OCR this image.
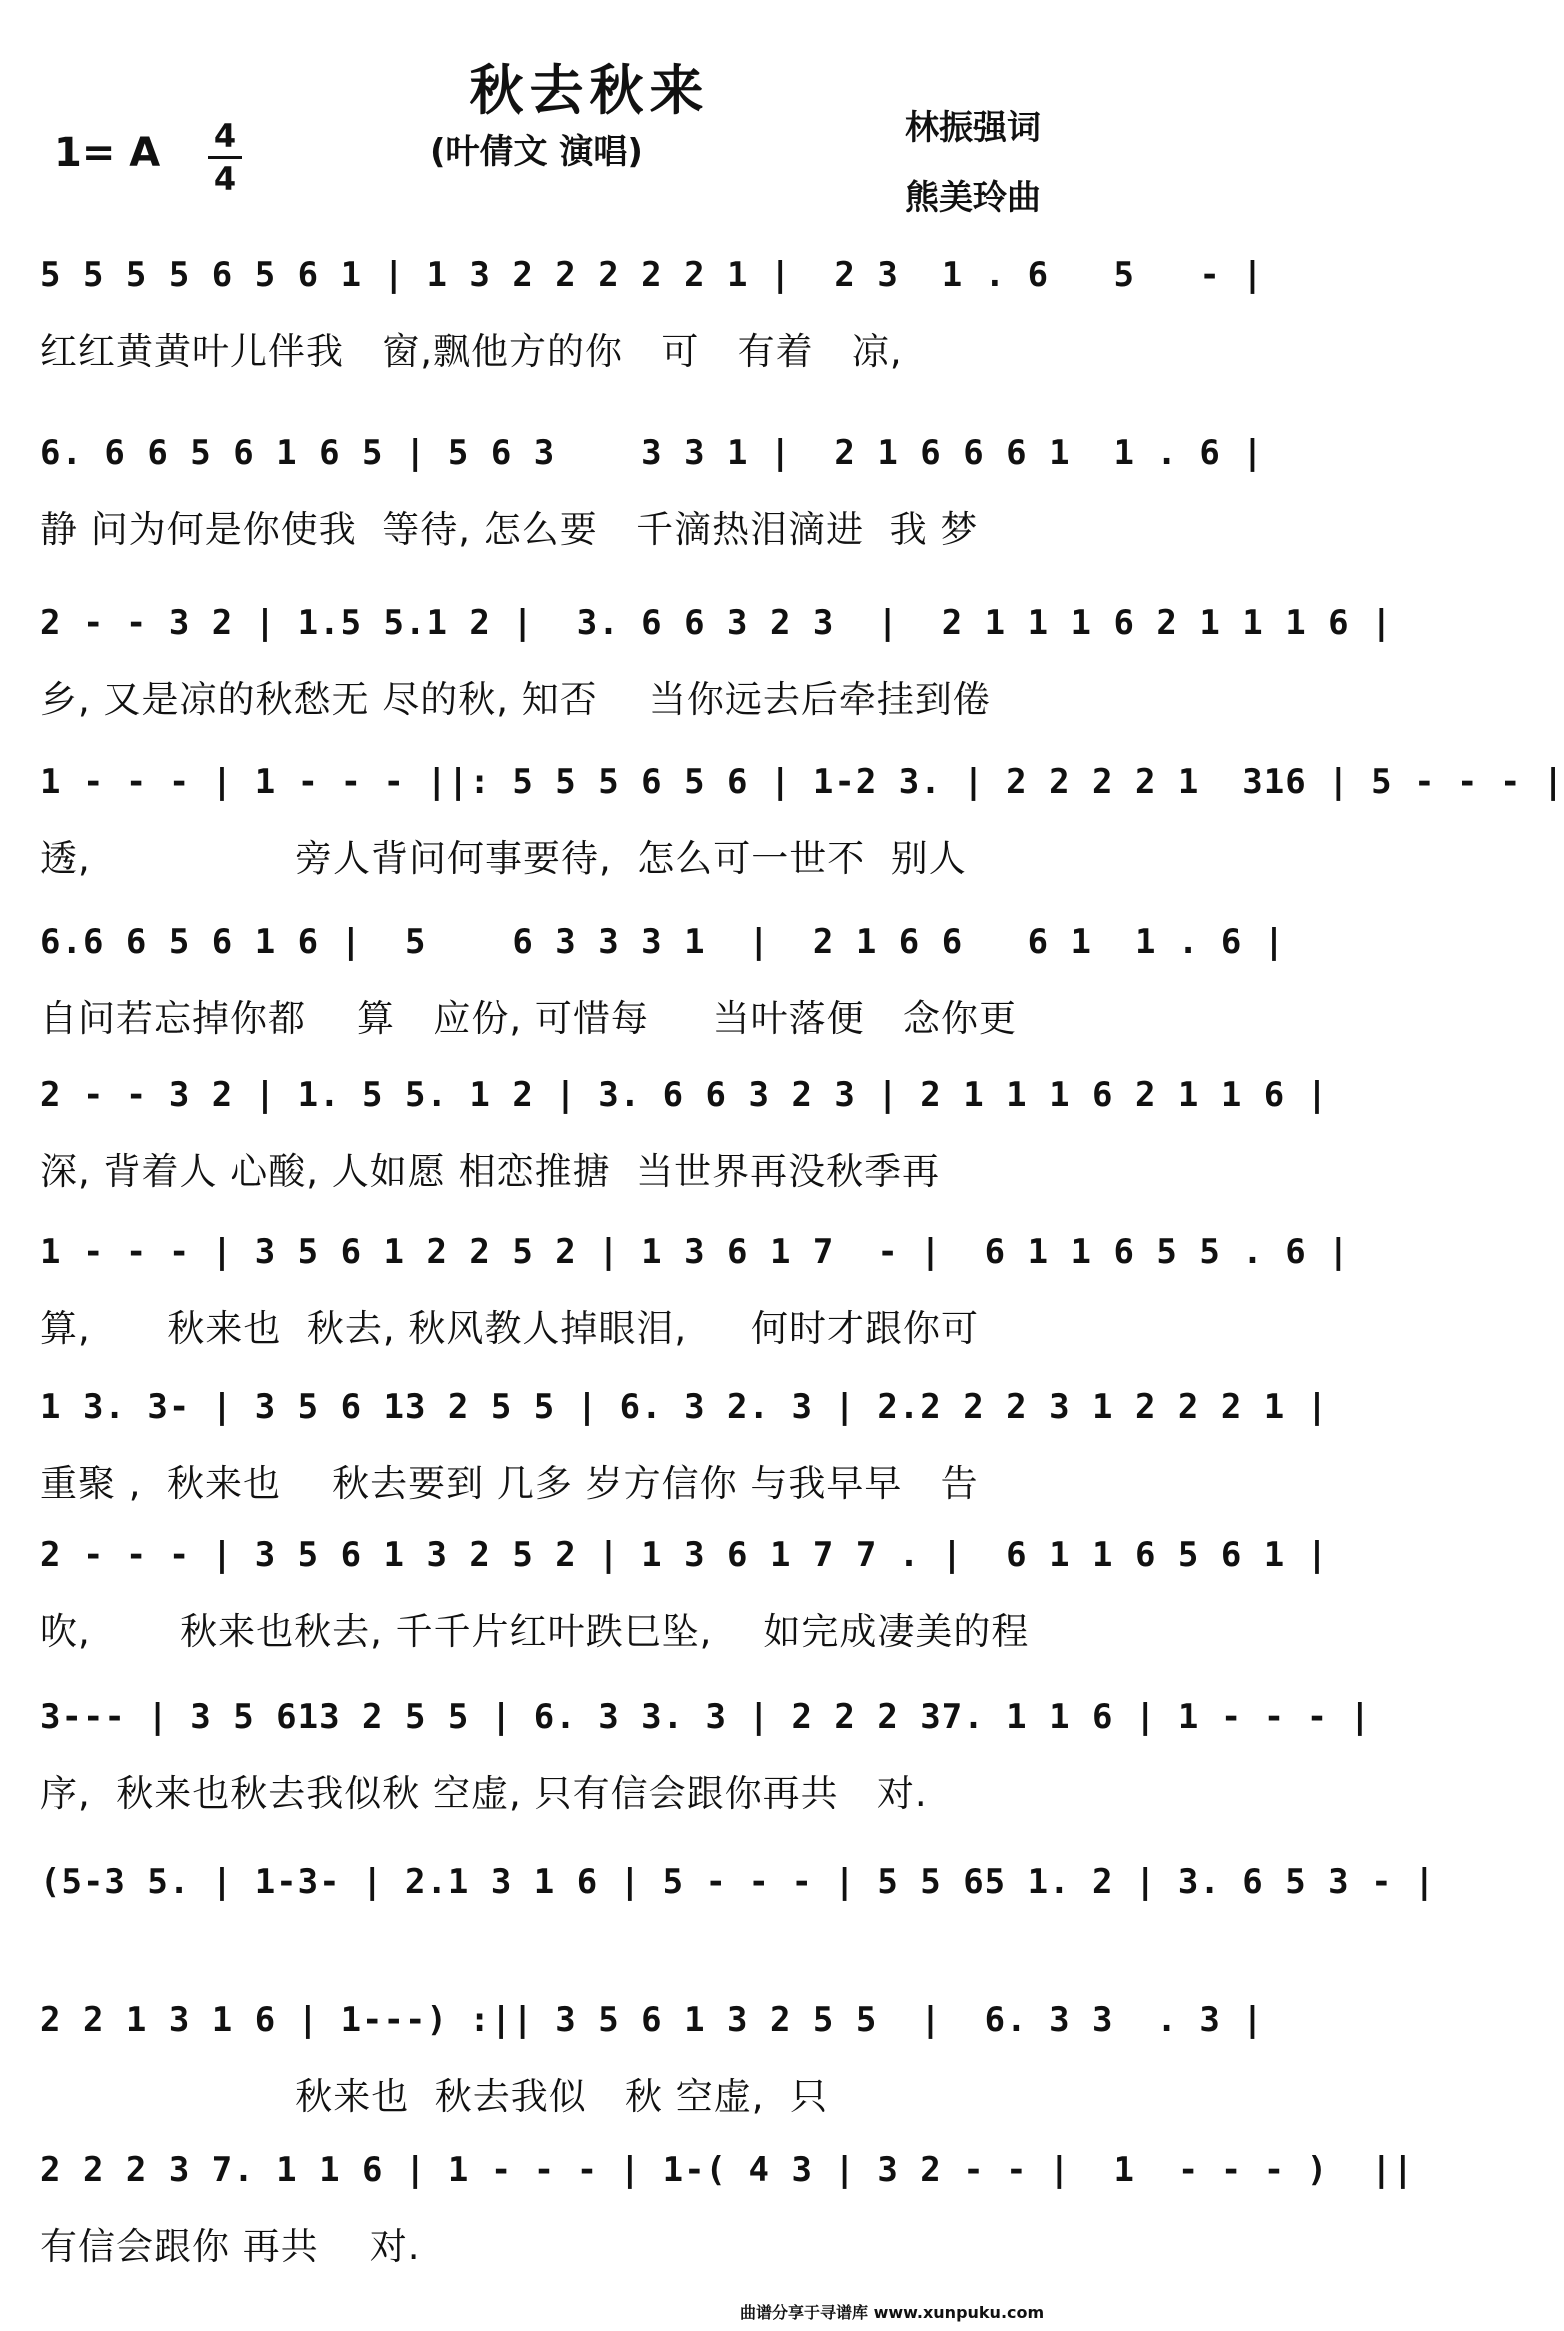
秋去秋来
1= A 4
4
(叶倩文 演唱)
林振强词
熊美玲曲
5 5 5 5 6 5 6 1 | 1 3 2 2 2 2 2 1 |  2 3  1 . 6   5   - |
红红黄黄叶儿伴我   窗,飘他方的你   可   有着   凉,
6. 6 6 5 6 1 6 5 | 5 6 3    3 3 1 |  2 1 6 6 6 1  1 . 6 |
静 问为何是你使我  等待, 怎么要   千滴热泪滴进  我 梦
2 - - 3 2 | 1.5 5.1 2 |  3. 6 6 3 2 3  |  2 1 1 1 6 2 1 1 1 6 |
乡, 又是凉的秋愁无 尽的秋, 知否    当你远去后牵挂到倦
1 - - - | 1 - - - ||: 5 5 5 6 5 6 | 1-2 3. | 2 2 2 2 1  316 | 5 - - - |
透,                旁人背问何事要待,  怎么可一世不  别人
6.6 6 5 6 1 6 |  5    6 3 3 3 1  |  2 1 6 6   6 1  1 . 6 |
自问若忘掉你都    算   应份, 可惜每     当叶落便   念你更
2 - - 3 2 | 1. 5 5. 1 2 | 3. 6 6 3 2 3 | 2 1 1 1 6 2 1 1 6 |
深, 背着人 心酸, 人如愿 相恋推搪  当世界再没秋季再
1 - - - | 3 5 6 1 2 2 5 2 | 1 3 6 1 7  - |  6 1 1 6 5 5 . 6 |
算,      秋来也  秋去, 秋风教人掉眼泪,     何时才跟你可
1 3. 3- | 3 5 6 13 2 5 5 | 6. 3 2. 3 | 2.2 2 2 3 1 2 2 2 1 |
重聚 ,  秋来也    秋去要到 几多 岁方信你 与我早早   告
2 - - - | 3 5 6 1 3 2 5 2 | 1 3 6 1 7 7 . |  6 1 1 6 5 6 1 |
吹,       秋来也秋去, 千千片红叶跌巳坠,    如完成凄美的程
3--- | 3 5 613 2 5 5 | 6. 3 3. 3 | 2 2 2 37. 1 1 6 | 1 - - - |
序,  秋来也秋去我似秋 空虚, 只有信会跟你再共   对.
(5-3 5. | 1-3- | 2.1 3 1 6 | 5 - - - | 5 5 65 1. 2 | 3. 6 5 3 - |
2 2 1 3 1 6 | 1---) :|| 3 5 6 1 3 2 5 5  |  6. 3 3  . 3 |
秋来也  秋去我似   秋 空虚,  只
2 2 2 3 7. 1 1 6 | 1 - - - | 1-( 4 3 | 3 2 - - |  1  - - - )  ||
有信会跟你 再共    对.
曲谱分享于寻谱库 www.xunpuku.com
